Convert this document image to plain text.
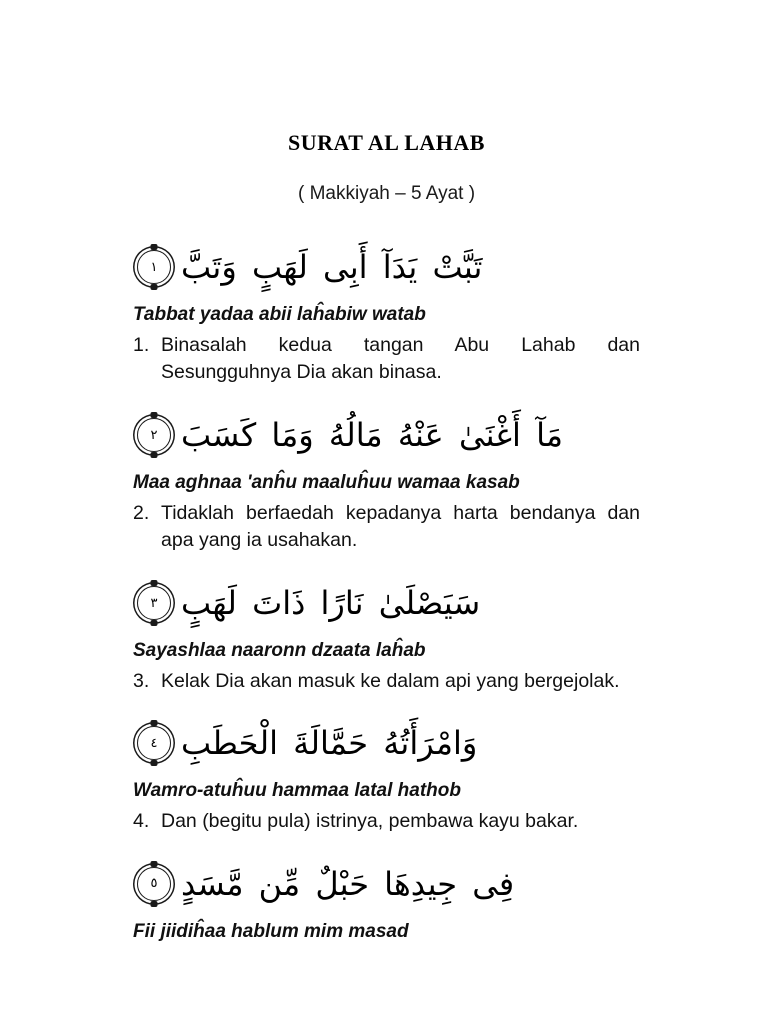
SURAT AL LAHAB

( Makkiyah – 5 Ayat )

تَبَّتْ يَدَآ أَبِى لَهَبٍ وَتَبَّ
١

Tabbat yadaa abii laĥabiw watab

1. Binasalah kedua tangan Abu Lahab dan Sesungguhnya Dia akan binasa.
مَآ أَغْنَىٰ عَنْهُ مَالُهُ وَمَا كَسَبَ
٢

Maa aghnaa 'anĥu maaluĥuu wamaa kasab

2. Tidaklah berfaedah kepadanya harta bendanya dan apa yang ia usahakan.
سَيَصْلَىٰ نَارًا ذَاتَ لَهَبٍ
٣

Sayashlaa naaronn dzaata laĥab

3. Kelak Dia akan masuk ke dalam api yang bergejolak.
وَامْرَأَتُهُ حَمَّالَةَ الْحَطَبِ
٤

Wamro-atuĥuu hammaa latal hathob

4. Dan (begitu pula) istrinya, pembawa kayu bakar.
فِى جِيدِهَا حَبْلٌ مِّن مَّسَدٍ
٥

Fii jiidiĥaa hablum mim masad
